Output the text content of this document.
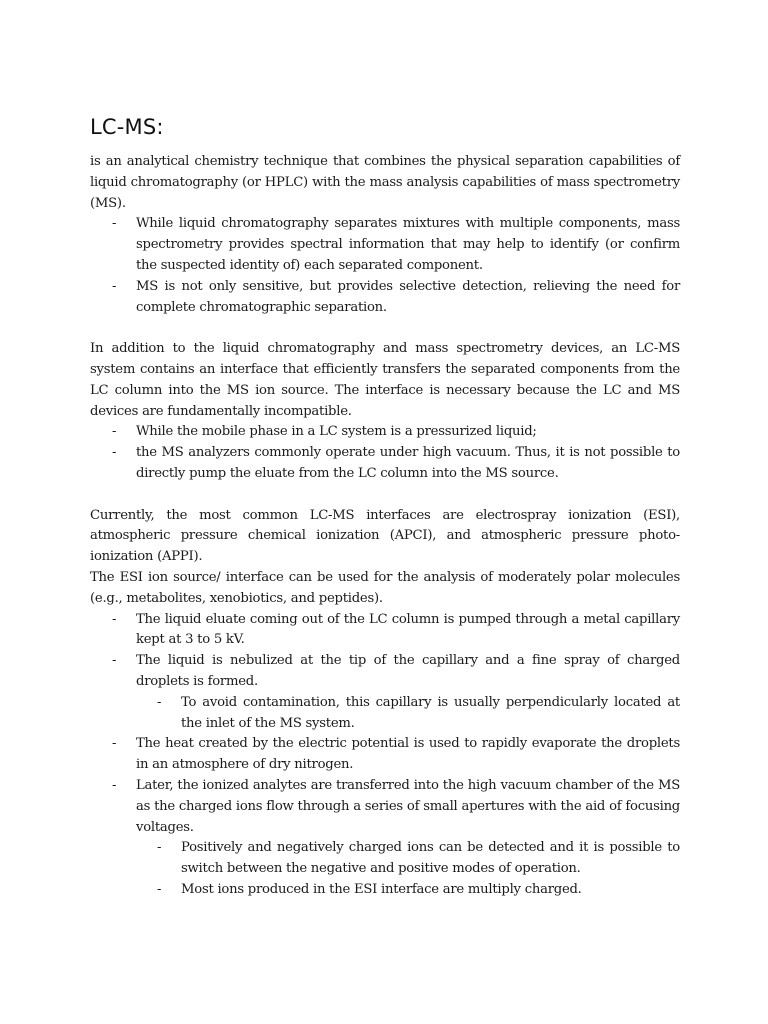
LC-MS:

is an analytical chemistry technique that combines the physical separation capabilities of liquid chromatography (or HPLC) with the mass analysis capabilities of mass spectrometry (MS).

- While liquid chromatography separates mixtures with multiple components, mass spectrometry provides spectral information that may help to identify (or confirm the suspected identity of) each separated component.
- MS is not only sensitive, but provides selective detection, relieving the need for complete chromatographic separation.

In addition to the liquid chromatography and mass spectrometry devices, an LC-MS system contains an interface that efficiently transfers the separated components from the LC column into the MS ion source. The interface is necessary because the LC and MS devices are fundamentally incompatible.

- While the mobile phase in a LC system is a pressurized liquid;
- the MS analyzers commonly operate under high vacuum. Thus, it is not possible to directly pump the eluate from the LC column into the MS source.

Currently, the most common LC-MS interfaces are electrospray ionization (ESI), atmospheric pressure chemical ionization (APCI), and atmospheric pressure photo-ionization (APPI).

The ESI ion source/ interface can be used for the analysis of moderately polar molecules (e.g., metabolites, xenobiotics, and peptides).

- The liquid eluate coming out of the LC column is pumped through a metal capillary kept at 3 to 5 kV.
- The liquid is nebulized at the tip of the capillary and a fine spray of charged droplets is formed.
- To avoid contamination, this capillary is usually perpendicularly located at the inlet of the MS system.
- The heat created by the electric potential is used to rapidly evaporate the droplets in an atmosphere of dry nitrogen.
- Later, the ionized analytes are transferred into the high vacuum chamber of the MS as the charged ions flow through a series of small apertures with the aid of focusing voltages.
- Positively and negatively charged ions can be detected and it is possible to switch between the negative and positive modes of operation.
- Most ions produced in the ESI interface are multiply charged.
